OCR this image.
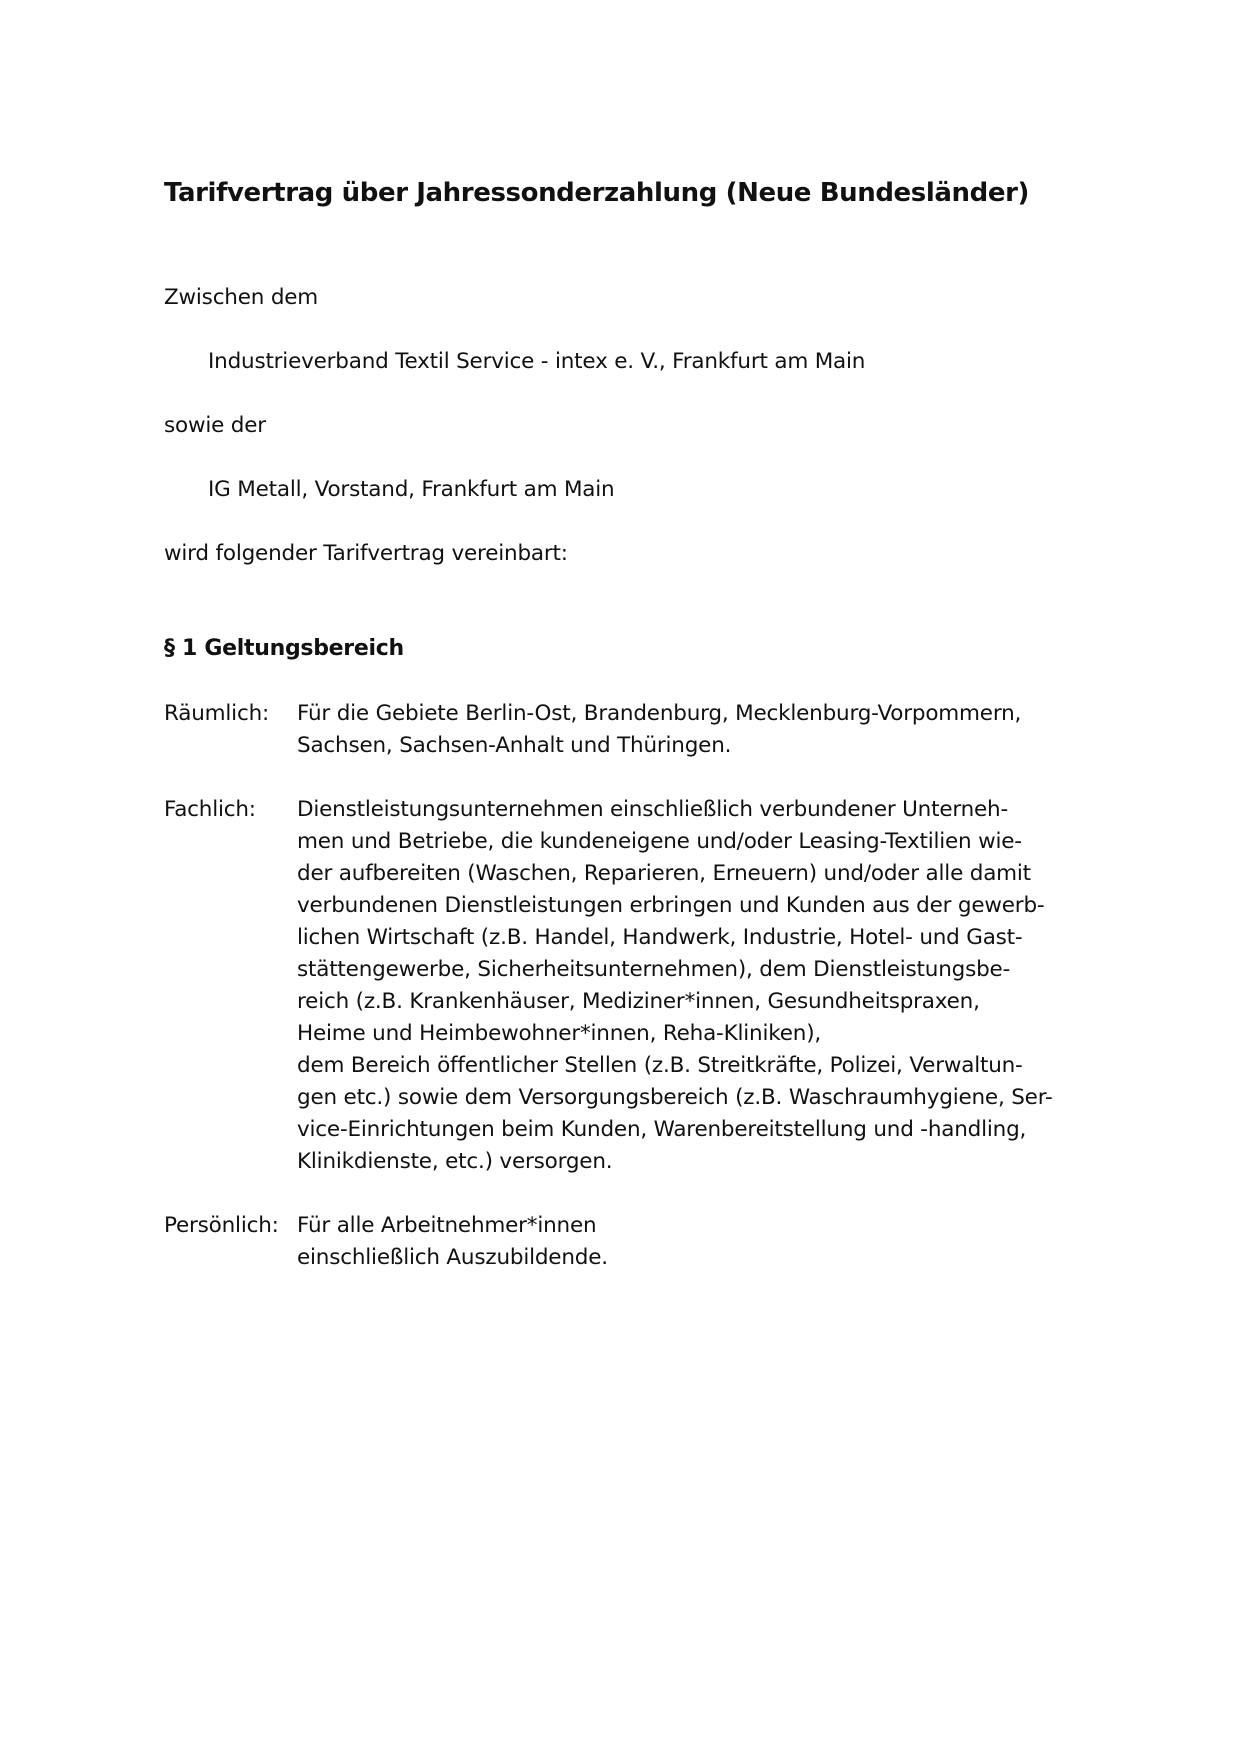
Tarifvertrag über Jahressonderzahlung (Neue Bundesländer)

Zwischen dem

Industrieverband Textil Service - intex e. V., Frankfurt am Main

sowie der

IG Metall, Vorstand, Frankfurt am Main

wird folgender Tarifvertrag vereinbart:

§ 1 Geltungsbereich
Räumlich: Für die Gebiete Berlin-Ost, Brandenburg, Mecklenburg-Vorpommern,
Sachsen, Sachsen-Anhalt und Thüringen.
Fachlich: Dienstleistungsunternehmen einschließlich verbundener Unterneh-
men und Betriebe, die kundeneigene und/oder Leasing-Textilien wie-
der aufbereiten (Waschen, Reparieren, Erneuern) und/oder alle damit
verbundenen Dienstleistungen erbringen und Kunden aus der gewerb-
lichen Wirtschaft (z.B. Handel, Handwerk, Industrie, Hotel- und Gast-
stättengewerbe, Sicherheitsunternehmen), dem Dienstleistungsbe-
reich (z.B. Krankenhäuser, Mediziner*innen, Gesundheitspraxen,
Heime und Heimbewohner*innen, Reha-Kliniken),
dem Bereich öffentlicher Stellen (z.B. Streitkräfte, Polizei, Verwaltun-
gen etc.) sowie dem Versorgungsbereich (z.B. Waschraumhygiene, Ser-
vice-Einrichtungen beim Kunden, Warenbereitstellung und -handling,
Klinikdienste, etc.) versorgen.
Persönlich: Für alle Arbeitnehmer*innen
einschließlich Auszubildende.
